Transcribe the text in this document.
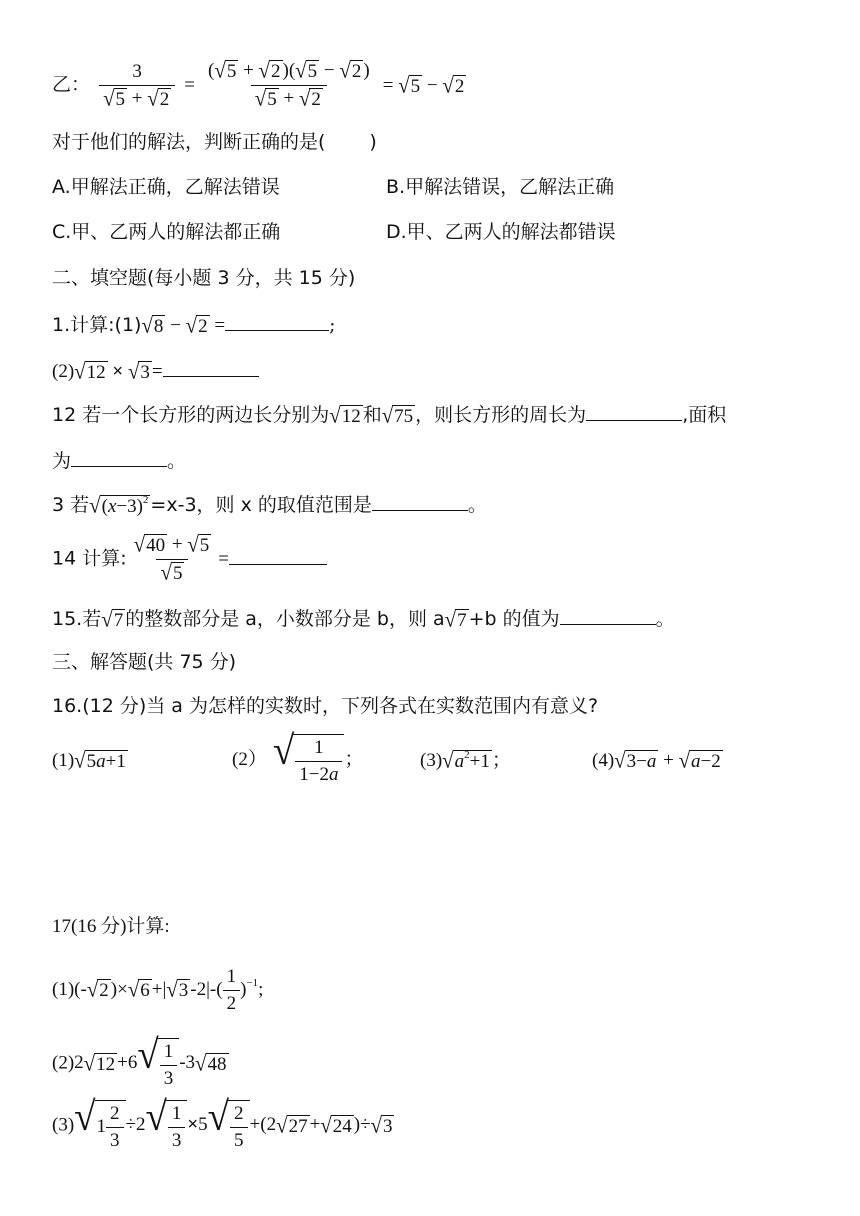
乙： $\frac{3}{√ 5 + √ 2} = \frac{( √ 5 + √ 2 )( √ 5 - √ 2 )}{√ 5 + √ 2}$ = √ 5 − √ 2
对于他们的解法，判断正确的是( )
A.甲解法正确，乙解法错误	B.甲解法错误，乙解法正确
C.甲、乙两人的解法都正确	D.甲、乙两人的解法都错误
二、填空题(每小题 3 分，共 15 分)
1.计算:(1) √ 8 − √ 2 =	;
(2) √ 12 × √ 3 =
12 若一个长方形的两边长分别为 √ 12 和 √ 75 ，则长方形的周长为	,面积
为	。
3 若 √ $(x-3)^2 =x-3$，则 x 的取值范围是	。
14 计算: $\frac{√ 40 + √ 5}{√ 5}$ =
15.若 √ 7 的整数部分是 a，小数部分是 b，则 a √ 7 +b 的值为	。
三、解答题(共 75 分)
16.(12 分)当 a 为怎样的实数时，下列各式在实数范围内有意义?
(1) √ 5a+1	(2） √ $\frac{1}{1-2a}$ ；	(3) √ $a^2+1$ ；	(4) √ 3−a + √ a−2
17(16 分)计算:
(1)(- √ 2 )× √ 6 +| √ 3 $-2|-( \frac{1}{2} )^{-1}$;
(2)2 √ 12 +6 √ $\frac{1}{3} -3$ √ 48
(3) √ $1 \frac{2}{3} \div 2$ √ $\frac{1}{3} \times 5$ √ $\frac{2}{5} +(2$ √ 27 + √ 24 )÷ √ 3
